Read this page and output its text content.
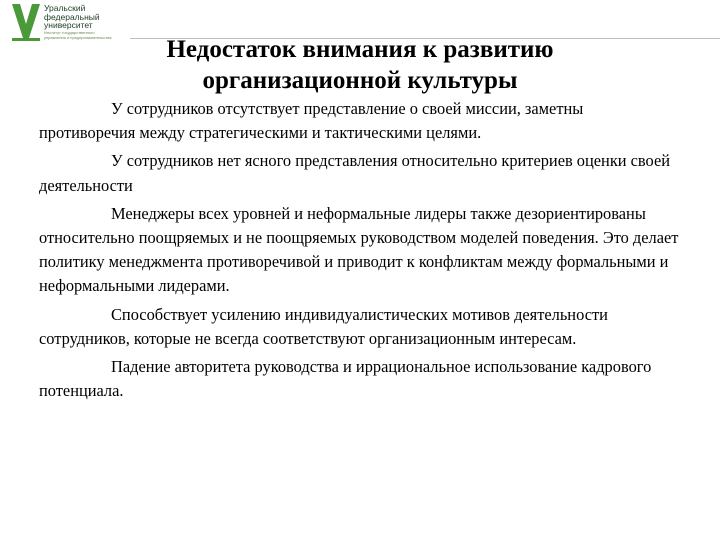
Уральский
федеральный
университет
Институт государственного
управления и предпринимательства	Недостаток внимания к развитию
организационной культуры

У сотрудников отсутствует представление о своей миссии, заметны противоречия между стратегическими и тактическими целями.

У сотрудников нет ясного представления относительно критериев оценки своей деятельности

Менеджеры всех уровней и неформальные лидеры также дезориентированы относительно поощряемых и не поощряемых руководством моделей поведения. Это делает политику менеджмента противоречивой и приводит к конфликтам между формальными и неформальными лидерами.

Способствует усилению индивидуалистических мотивов деятельности сотрудников, которые не всегда соответствуют организационным интересам.

Падение авторитета руководства и иррациональное использование кадрового потенциала.
